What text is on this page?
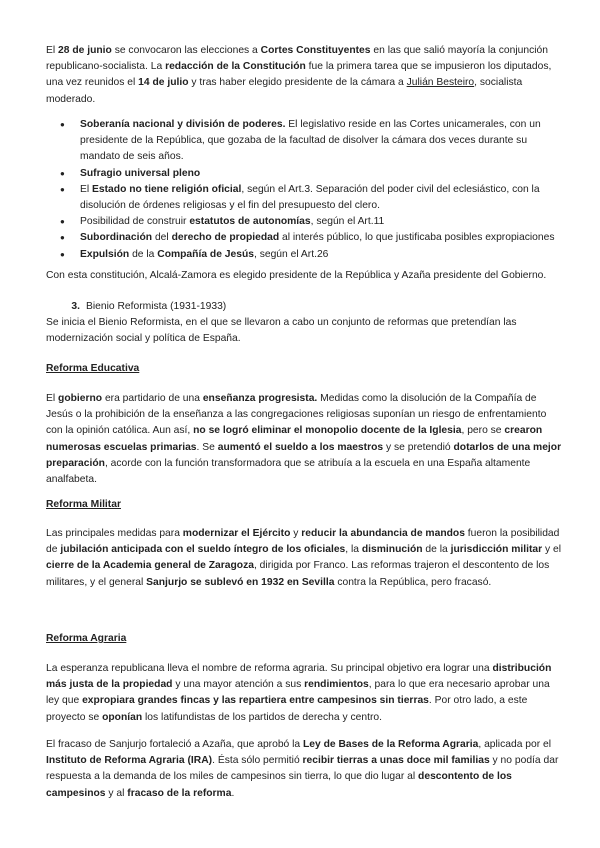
El 28 de junio se convocaron las elecciones a Cortes Constituyentes en las que salió mayoría la conjunción republicano-socialista. La redacción de la Constitución fue la primera tarea que se impusieron los diputados, una vez reunidos el 14 de julio y tras haber elegido presidente de la cámara a Julián Besteiro, socialista moderado.

● Soberanía nacional y división de poderes. El legislativo reside en las Cortes unicamerales, con un presidente de la República, que gozaba de la facultad de disolver la cámara dos veces durante su mandato de seis años.
● Sufragio universal pleno
● El Estado no tiene religión oficial, según el Art.3. Separación del poder civil del eclesiástico, con la disolución de órdenes religiosas y el fin del presupuesto del clero.
● Posibilidad de construir estatutos de autonomías, según el Art.11
● Subordinación del derecho de propiedad al interés público, lo que justificaba posibles expropiaciones
● Expulsión de la Compañía de Jesús, según el Art.26

Con esta constitución, Alcalá-Zamora es elegido presidente de la República y Azaña presidente del Gobierno.

3. Bienio Reformista (1931-1933)

Se inicia el Bienio Reformista, en el que se llevaron a cabo un conjunto de reformas que pretendían las modernización social y política de España.

Reforma Educativa

El gobierno era partidario de una enseñanza progresista. Medidas como la disolución de la Compañía de Jesús o la prohibición de la enseñanza a las congregaciones religiosas suponían un riesgo de enfrentamiento con la opinión católica. Aun así, no se logró eliminar el monopolio docente de la Iglesia, pero se crearon numerosas escuelas primarias. Se aumentó el sueldo a los maestros y se pretendió dotarlos de una mejor preparación, acorde con la función transformadora que se atribuía a la escuela en una España altamente analfabeta.

Reforma Militar

Las principales medidas para modernizar el Ejército y reducir la abundancia de mandos fueron la posibilidad de jubilación anticipada con el sueldo íntegro de los oficiales, la disminución de la jurisdicción militar y el cierre de la Academia general de Zaragoza, dirigida por Franco. Las reformas trajeron el descontento de los militares, y el general Sanjurjo se sublevó en 1932 en Sevilla contra la República, pero fracasó.

Reforma Agraria

La esperanza republicana lleva el nombre de reforma agraria. Su principal objetivo era lograr una distribución más justa de la propiedad y una mayor atención a sus rendimientos, para lo que era necesario aprobar una ley que expropiara grandes fincas y las repartiera entre campesinos sin tierras. Por otro lado, a este proyecto se oponían los latifundistas de los partidos de derecha y centro.

El fracaso de Sanjurjo fortaleció a Azaña, que aprobó la Ley de Bases de la Reforma Agraria, aplicada por el Instituto de Reforma Agraria (IRA). Ésta sólo permitió recibir tierras a unas doce mil familias y no podía dar respuesta a la demanda de los miles de campesinos sin tierra, lo que dio lugar al descontento de los campesinos y al fracaso de la reforma.
